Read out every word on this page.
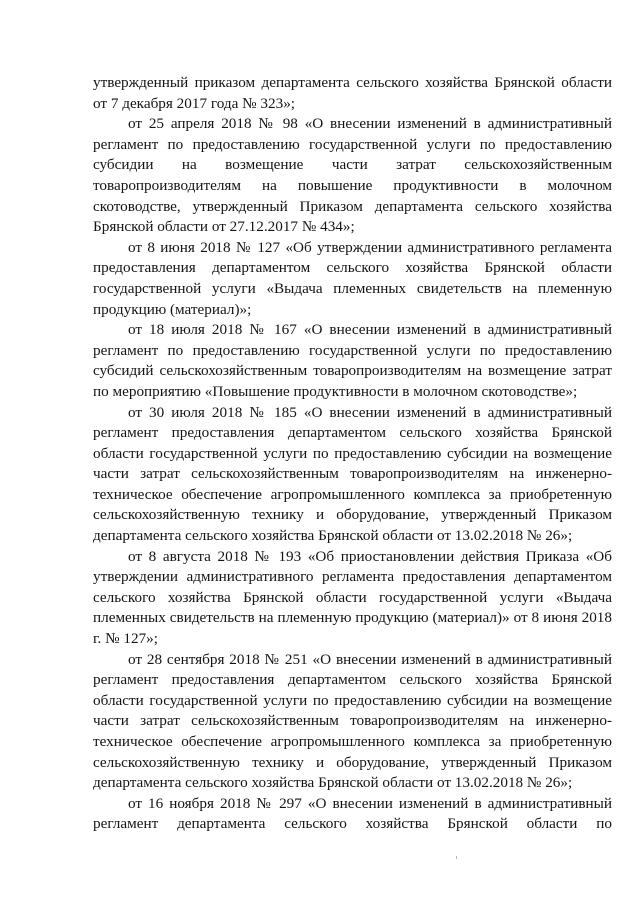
утвержденный приказом департамента сельского хозяйства Брянской области от 7 декабря 2017 года № 323»;

от 25 апреля 2018 № 98 «О внесении изменений в административный регламент по предоставлению государственной услуги по предоставлению субсидии на возмещение части затрат сельскохозяйственным товаропроизводителям на повышение продуктивности в молочном скотоводстве, утвержденный Приказом департамента сельского хозяйства Брянской области от 27.12.2017 № 434»;

от 8 июня 2018 № 127 «Об утверждении административного регламента предоставления департаментом сельского хозяйства Брянской области государственной услуги «Выдача племенных свидетельств на племенную продукцию (материал)»;

от 18 июля 2018 № 167 «О внесении изменений в административный регламент по предоставлению государственной услуги по предоставлению субсидий сельскохозяйственным товаропроизводителям на возмещение затрат по мероприятию «Повышение продуктивности в молочном скотоводстве»;

от 30 июля 2018 № 185 «О внесении изменений в административный регламент предоставления департаментом сельского хозяйства Брянской области государственной услуги по предоставлению субсидии на возмещение части затрат сельскохозяйственным товаропроизводителям на инженерно-техническое обеспечение агропромышленного комплекса за приобретенную сельскохозяйственную технику и оборудование, утвержденный Приказом департамента сельского хозяйства Брянской области от 13.02.2018 № 26»;

от 8 августа 2018 № 193 «Об приостановлении действия Приказа «Об утверждении административного регламента предоставления департаментом сельского хозяйства Брянской области государственной услуги «Выдача племенных свидетельств на племенную продукцию (материал)» от 8 июня 2018 г. № 127»;

от 28 сентября 2018 № 251 «О внесении изменений в административный регламент предоставления департаментом сельского хозяйства Брянской области государственной услуги по предоставлению субсидии на возмещение части затрат сельскохозяйственным товаропроизводителям на инженерно-техническое обеспечение агропромышленного комплекса за приобретенную сельскохозяйственную технику и оборудование, утвержденный Приказом департамента сельского хозяйства Брянской области от 13.02.2018 № 26»;

от 16 ноября 2018 № 297 «О внесении изменений в административный регламент департамента сельского хозяйства Брянской области по
